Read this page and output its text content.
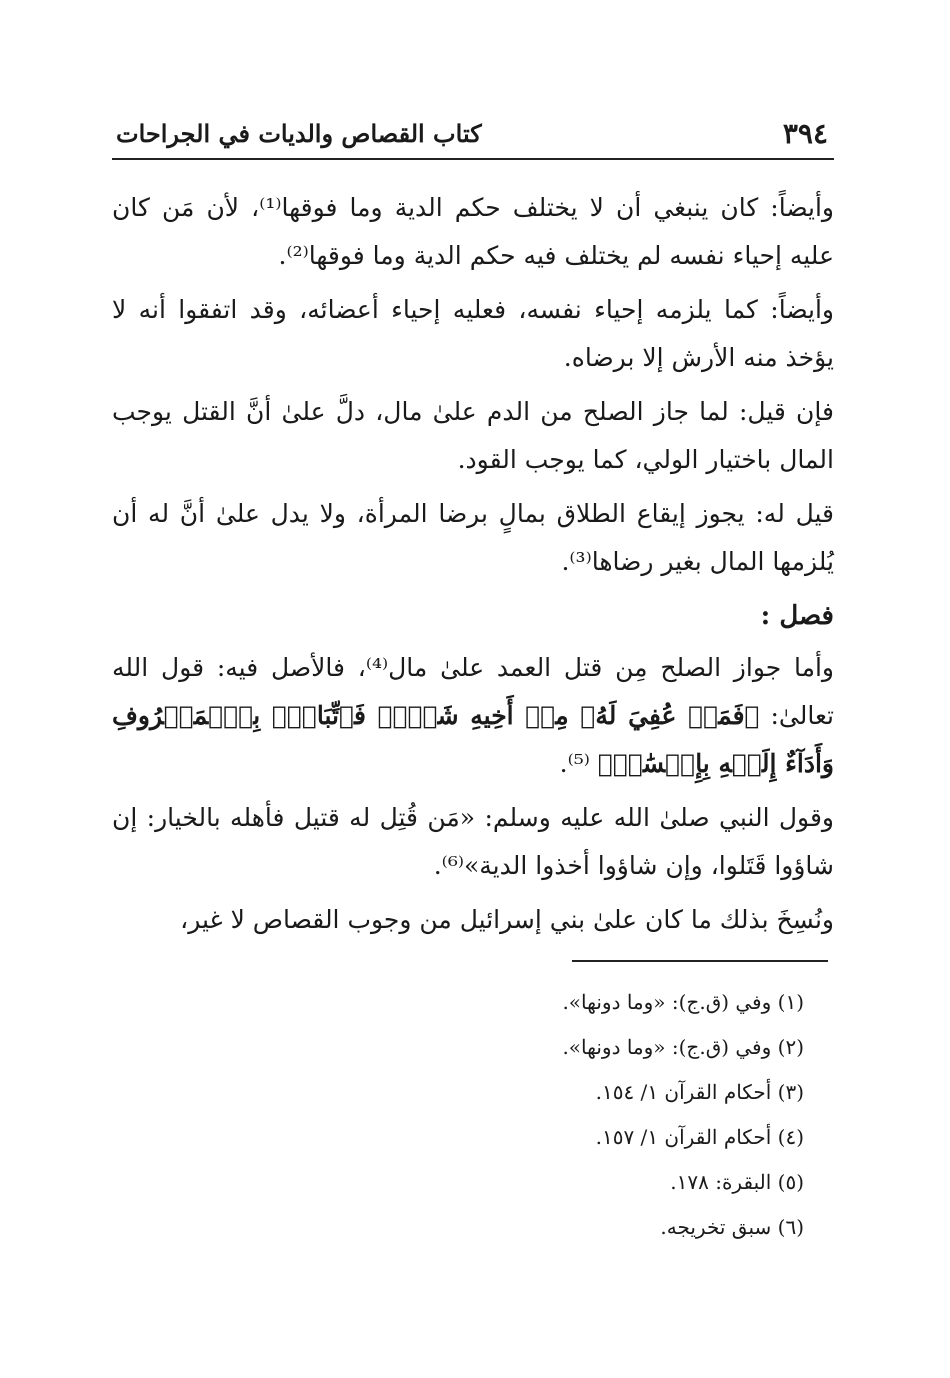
٣٩٤
كتاب القصاص والديات في الجراحات

وأيضاً: كان ينبغي أن لا يختلف حكم الدية وما فوقها⁽¹⁾، لأن مَن كان عليه إحياء نفسه لم يختلف فيه حكم الدية وما فوقها⁽²⁾.

وأيضاً: كما يلزمه إحياء نفسه، فعليه إحياء أعضائه، وقد اتفقوا أنه لا يؤخذ منه الأرش إلا برضاه.

فإن قيل: لما جاز الصلح من الدم علىٰ مال، دلَّ علىٰ أنَّ القتل يوجب المال باختيار الولي، كما يوجب القود.

قيل له: يجوز إيقاع الطلاق بمالٍ برضا المرأة، ولا يدل علىٰ أنَّ له أن يُلزمها المال بغير رضاها⁽³⁾.

فصل :

وأما جواز الصلح مِن قتل العمد علىٰ مال⁽⁴⁾، فالأصل فيه: قول الله تعالىٰ: ﴿فَمَنۡ عُفِيَ لَهُۥ مِنۡ أَخِيهِ شَيۡءٞ فَٱتِّبَاعُۢ بِٱلۡمَعۡرُوفِ وَأَدَآءٌ إِلَيۡهِ بِإِحۡسَٰنٖ﴾ ⁽⁵⁾.

وقول النبي صلىٰ الله عليه وسلم: «مَن قُتِل له قتيل فأهله بالخيار: إن شاؤوا قَتَلوا، وإن شاؤوا أخذوا الدية»⁽⁶⁾.

ونُسِخَ بذلك ما كان علىٰ بني إسرائيل من وجوب القصاص لا غير،

(١) وفي (ق.ج): «وما دونها».

(٢) وفي (ق.ج): «وما دونها».

(٣) أحكام القرآن ١/ ١٥٤.

(٤) أحكام القرآن ١/ ١٥٧.

(٥) البقرة: ١٧٨.

(٦) سبق تخريجه.
